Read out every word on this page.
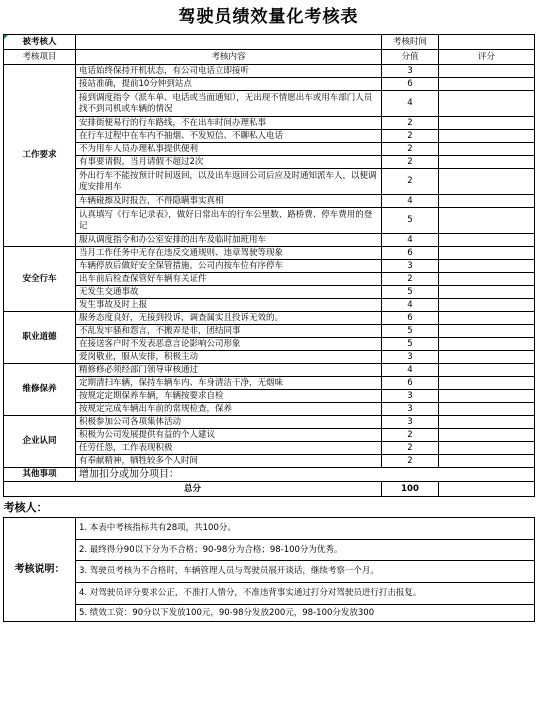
驾驶员绩效量化考核表
被考核人		考核时间	
考核项目	考核内容	分值	评分
工作要求	电话始终保持开机状态，有公司电话立即接听	3	
	接站准确，提前10分钟到站点	6	
	接到调度指令（派车单、电话或当面通知），无出现不情愿出车或用车部门人员找不到司机或车辆的情况	4	
	安排街便易行的行车路线，不在出车时间办理私事	2	
	在行车过程中在车内不抽烟、不发短信、不聊私人电话	2	
	不为用车人员办理私事提供便利	2	
	有事要请假，当月请假不超过2次	2	
	外出行车不能按预计时间返回，以及出车返回公司后应及时通知派车人，以便调度安排用车	2	
	车辆碰擦及时报告，不得隐瞒事实真相	4	
	认真填写《行车记录表》，做好日常出车的行车公里数、路桥费、停车费用的登记	5	
	服从调度指令和办公室安排的出车及临时加班用车	4	
安全行车	当月工作任务中无存在违反交通规则、违章驾驶等现象	6	
	车辆停放后做好安全保管措施，公司内按车位有序停车	3	
	出车前后检查保管好车辆有关证件	2	
	无发生交通事故	5	
	发生事故及时上报	4	
职业道德	服务态度良好，无接到投诉，调查属实且投诉无效的。	6	
	不乱发牢骚和怨言，不搬弄是非，团结同事	5	
	在接送客户时不发表恶意言论影响公司形象	5	
	爱岗敬业，服从安排，积极主动	3	
维修保养	精修修必须经部门领导审核通过	4	
	定期清扫车辆，保持车辆车内、车身清洁干净，无烟味	6	
	按规定定期保养车辆，车辆按要求自检	3	
	按规定完成车辆出车前的常规检查，保养	3	
企业认同	积极参加公司各项集体活动	3	
	积极为公司发展提供有益的个人建议	2	
	任劳任怨，工作表现积极	2	
	有奉献精神，牺牲较多个人时间	2	
其他事项	增加扣分或加分项目：		
总分		100	
考核人：			
考核说明：	1. 本表中考核指标共有28项，共100分。		
	2. 最终得分90以下分为不合格；90-98分为合格；98-100分为优秀。		
	3. 驾驶员考核为不合格时，车辆管理人员与驾驶员展开谈话，继续考察一个月。		
	4. 对驾驶员评分要求公正，不准打人情分，不准违背事实通过打分对驾驶员进行打击报复。		
	5. 绩效工资：90分以下发放100元，90-98分发放200元，98-100分发放300		
